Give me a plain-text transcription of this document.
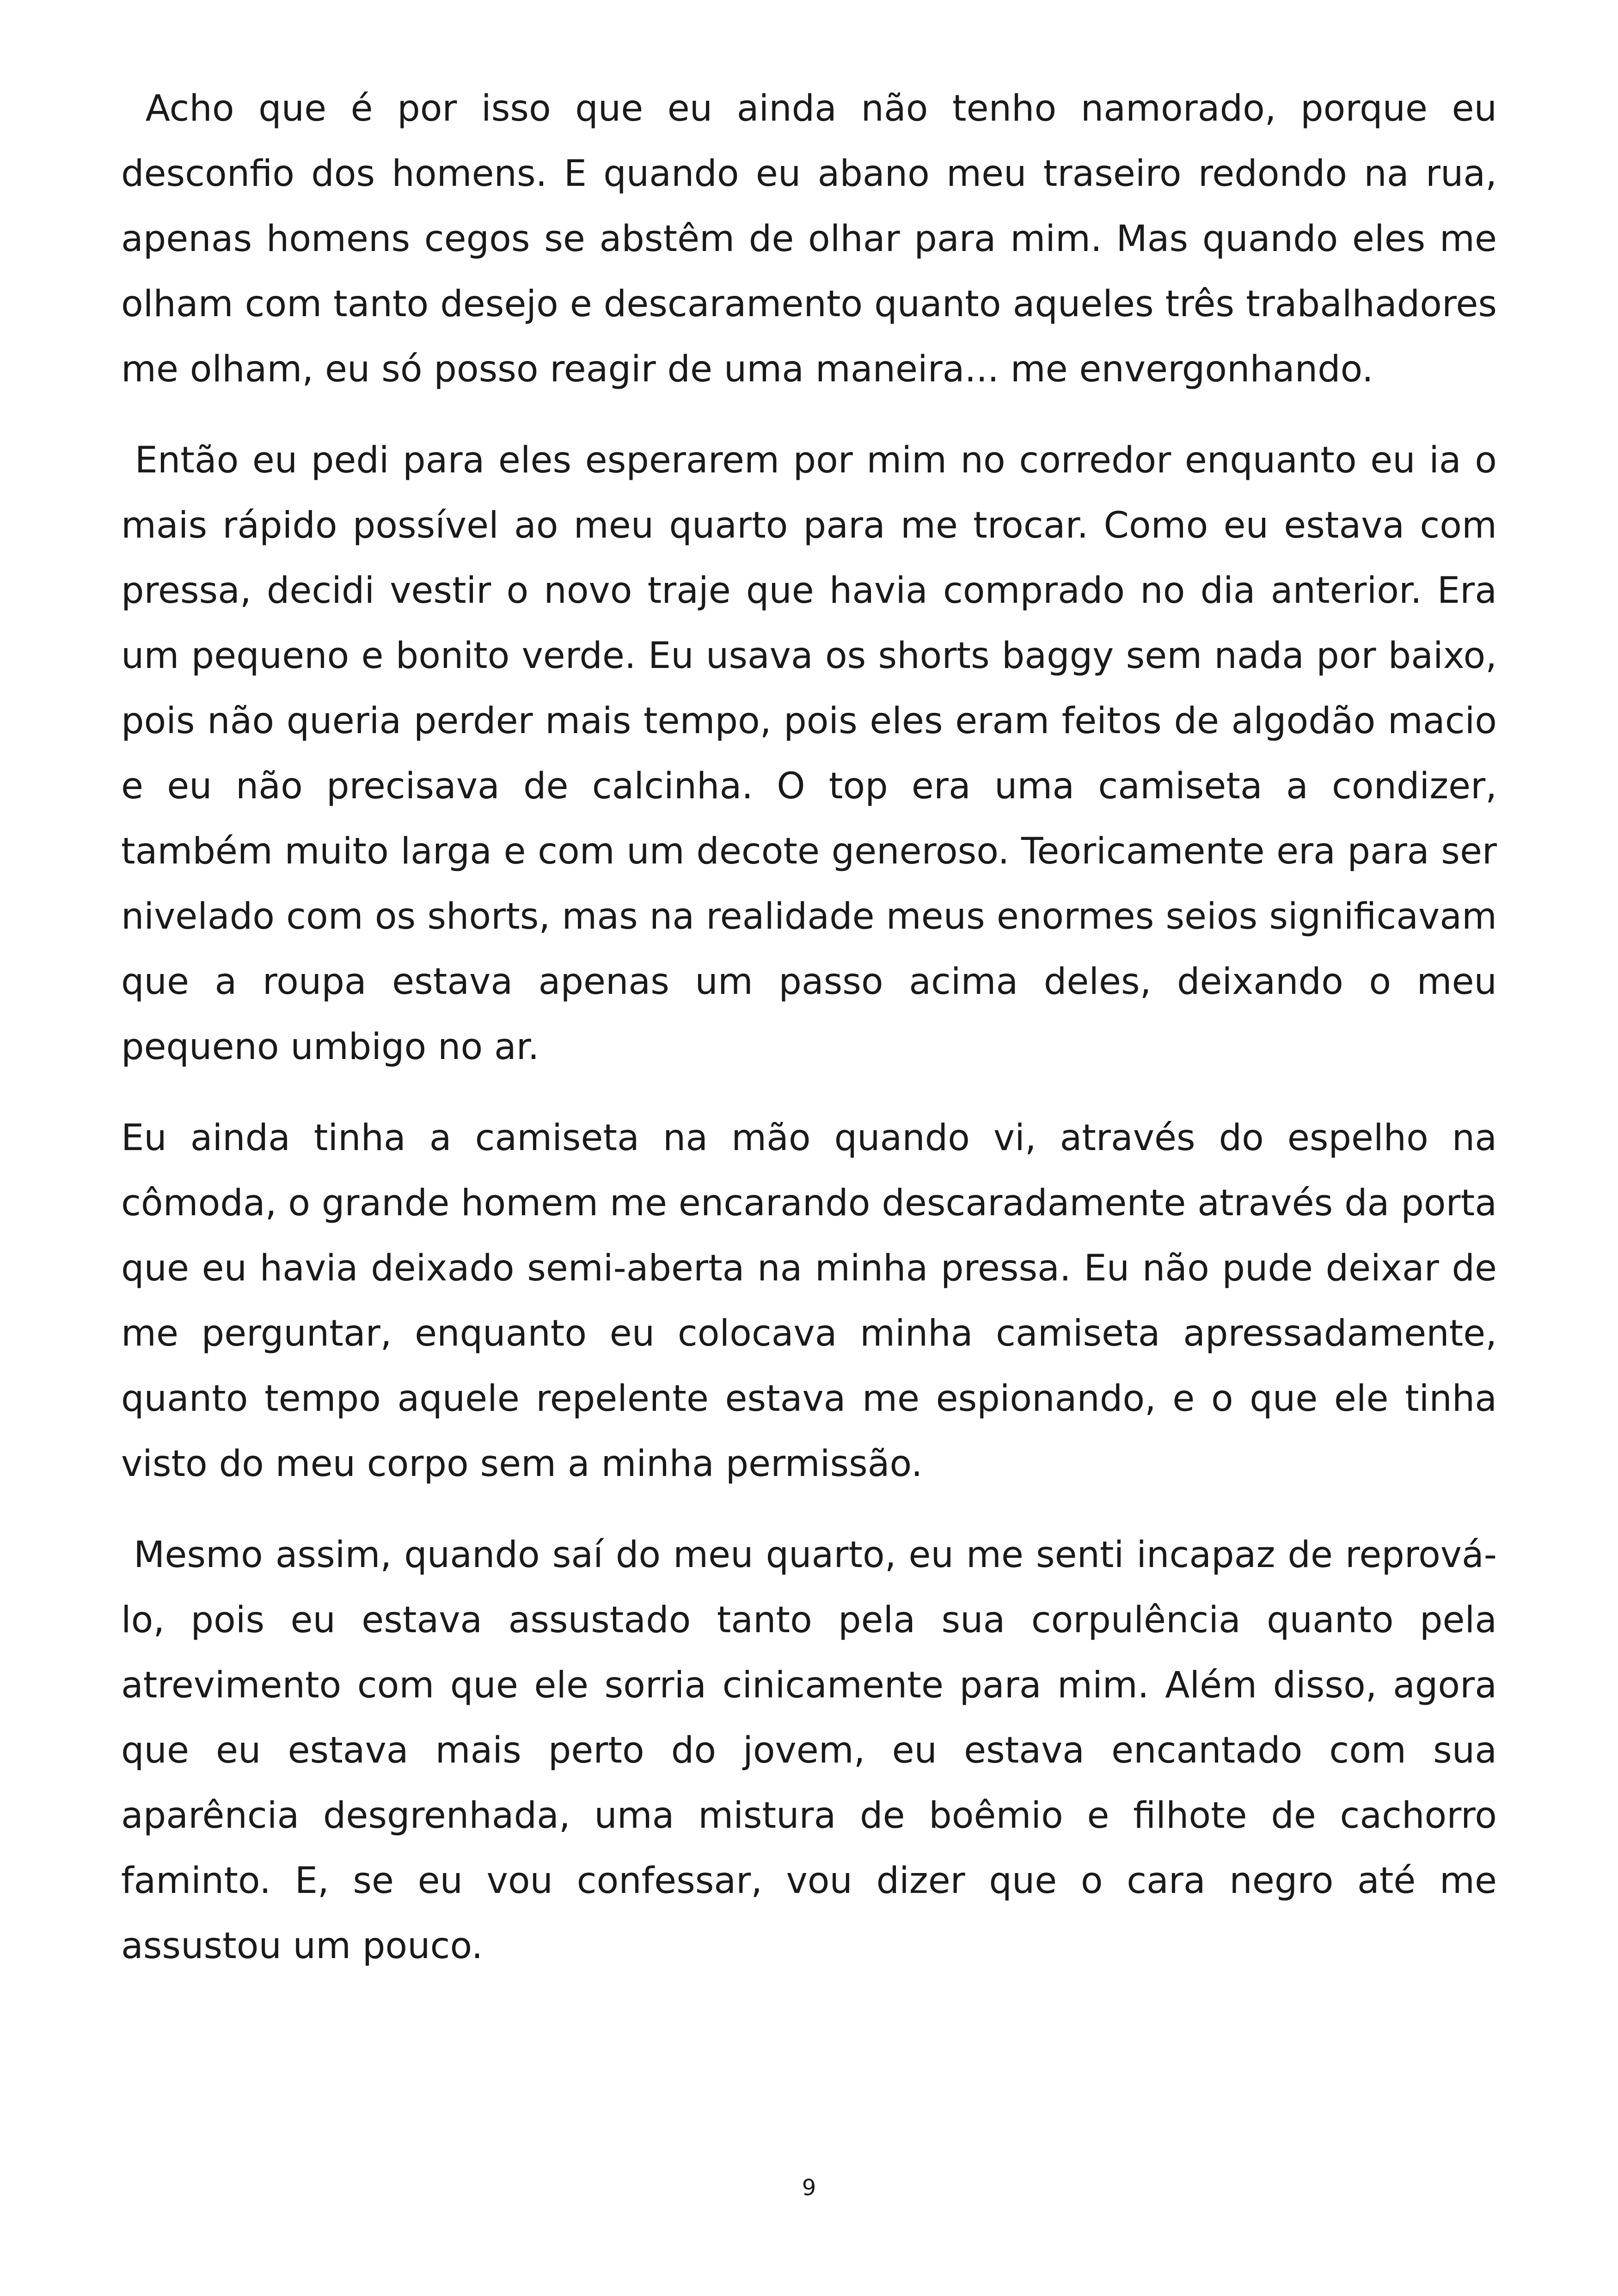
Acho que é por isso que eu ainda não tenho namorado, porque eu desconfio dos homens. E quando eu abano meu traseiro redondo na rua, apenas homens cegos se abstêm de olhar para mim. Mas quando eles me olham com tanto desejo e descaramento quanto aqueles três trabalhadores me olham, eu só posso reagir de uma maneira... me envergonhando.

Então eu pedi para eles esperarem por mim no corredor enquanto eu ia o mais rápido possível ao meu quarto para me trocar. Como eu estava com pressa, decidi vestir o novo traje que havia comprado no dia anterior. Era um pequeno e bonito verde. Eu usava os shorts baggy sem nada por baixo, pois não queria perder mais tempo, pois eles eram feitos de algodão macio e eu não precisava de calcinha. O top era uma camiseta a condizer, também muito larga e com um decote generoso. Teoricamente era para ser nivelado com os shorts, mas na realidade meus enormes seios significavam que a roupa estava apenas um passo acima deles, deixando o meu pequeno umbigo no ar.

Eu ainda tinha a camiseta na mão quando vi, através do espelho na cômoda, o grande homem me encarando descaradamente através da porta que eu havia deixado semi-aberta na minha pressa. Eu não pude deixar de me perguntar, enquanto eu colocava minha camiseta apressadamente, quanto tempo aquele repelente estava me espionando, e o que ele tinha visto do meu corpo sem a minha permissão.

Mesmo assim, quando saí do meu quarto, eu me senti incapaz de reprová-lo, pois eu estava assustado tanto pela sua corpulência quanto pela atrevimento com que ele sorria cinicamente para mim. Além disso, agora que eu estava mais perto do jovem, eu estava encantado com sua aparência desgrenhada, uma mistura de boêmio e filhote de cachorro faminto. E, se eu vou confessar, vou dizer que o cara negro até me assustou um pouco.

9
